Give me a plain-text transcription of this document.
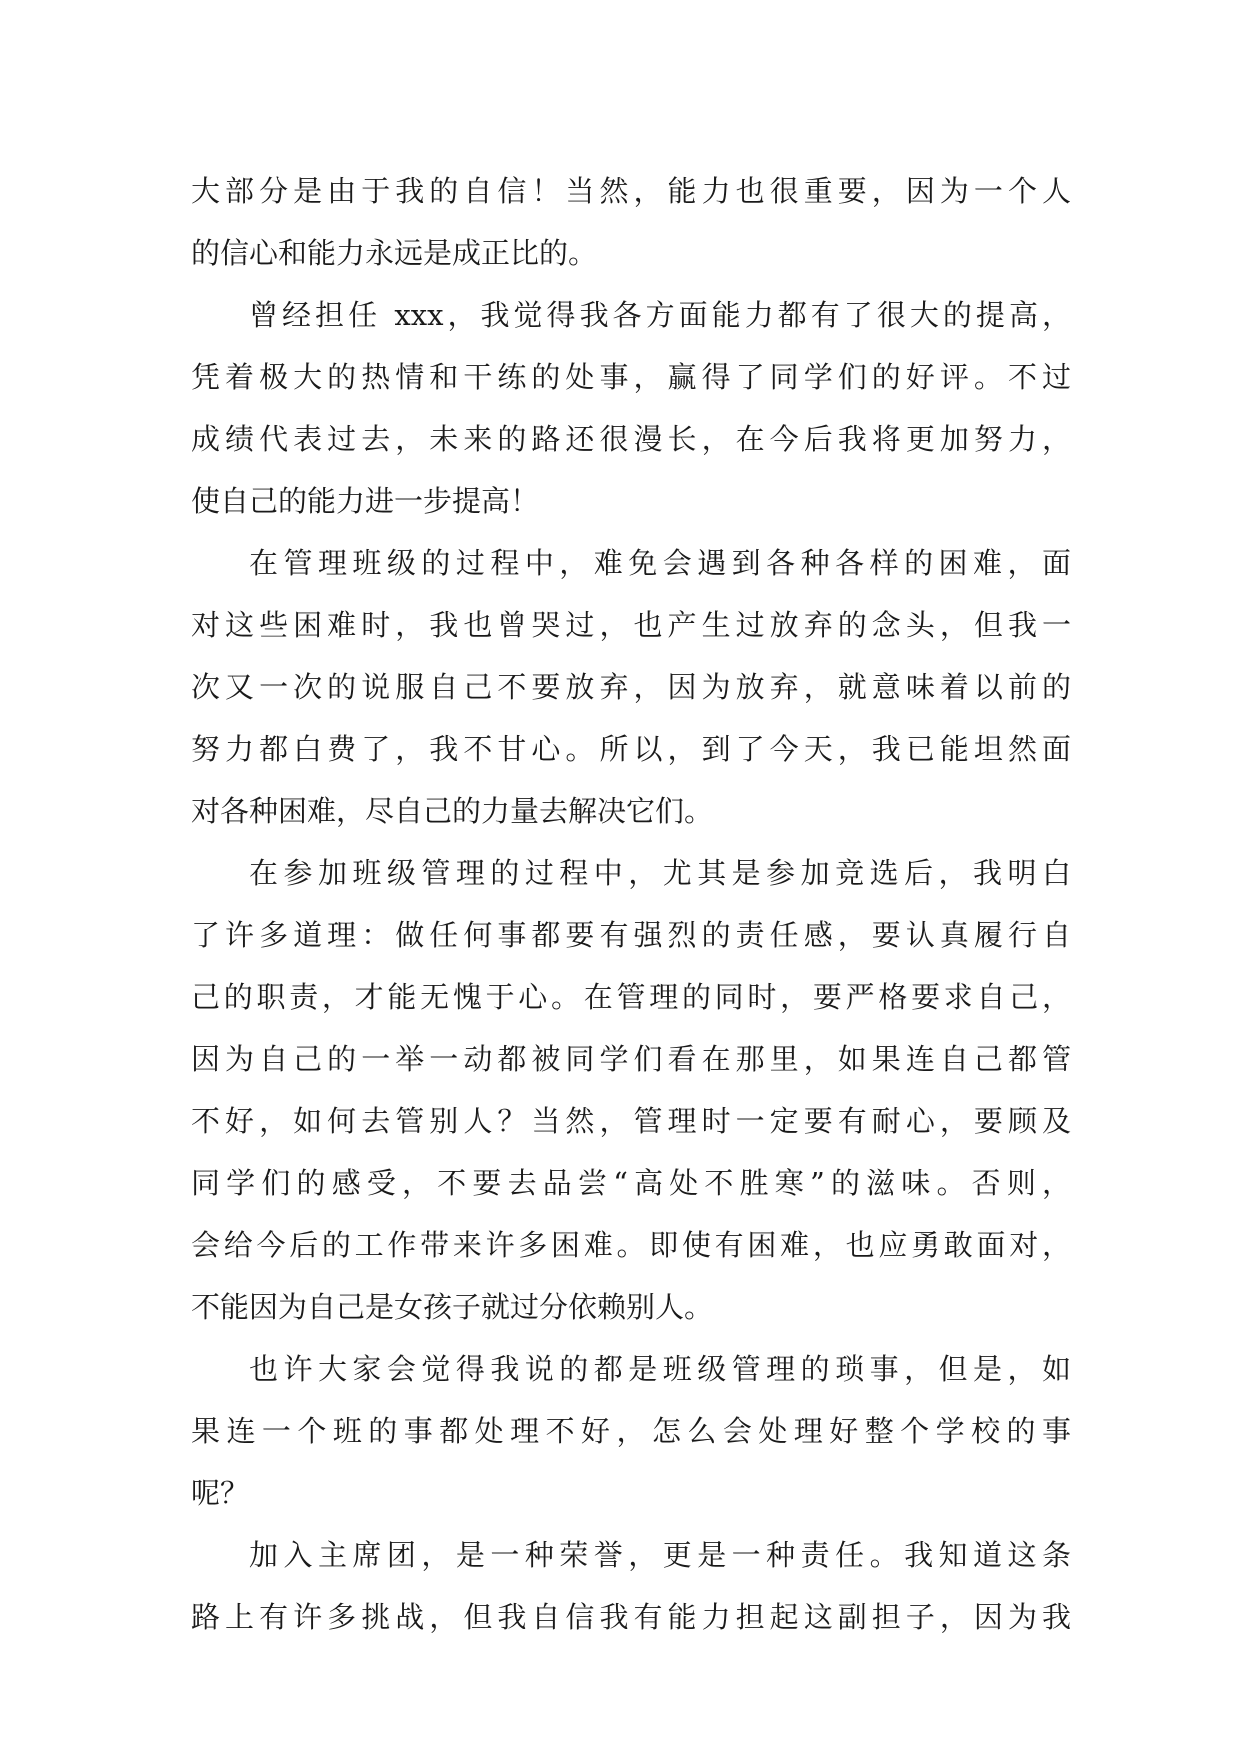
大部分是由于我的自信！当然，能力也很重要，因为一个人
的信心和能力永远是成正比的。
曾经担任 xxx，我觉得我各方面能力都有了很大的提高，
凭着极大的热情和干练的处事，赢得了同学们的好评。不过
成绩代表过去，未来的路还很漫长，在今后我将更加努力，
使自己的能力进一步提高！
在管理班级的过程中，难免会遇到各种各样的困难，面
对这些困难时，我也曾哭过，也产生过放弃的念头，但我一
次又一次的说服自己不要放弃，因为放弃，就意味着以前的
努力都白费了，我不甘心。所以，到了今天，我已能坦然面
对各种困难，尽自己的力量去解决它们。
在参加班级管理的过程中，尤其是参加竞选后，我明白
了许多道理：做任何事都要有强烈的责任感，要认真履行自
己的职责，才能无愧于心。在管理的同时，要严格要求自己，
因为自己的一举一动都被同学们看在那里，如果连自己都管
不好，如何去管别人？当然，管理时一定要有耐心，要顾及
同学们的感受，不要去品尝“高处不胜寒”的滋味。否则，
会给今后的工作带来许多困难。即使有困难，也应勇敢面对，
不能因为自己是女孩子就过分依赖别人。
也许大家会觉得我说的都是班级管理的琐事，但是，如
果连一个班的事都处理不好，怎么会处理好整个学校的事
呢？
加入主席团，是一种荣誉，更是一种责任。我知道这条
路上有许多挑战，但我自信我有能力担起这副担子，因为我
